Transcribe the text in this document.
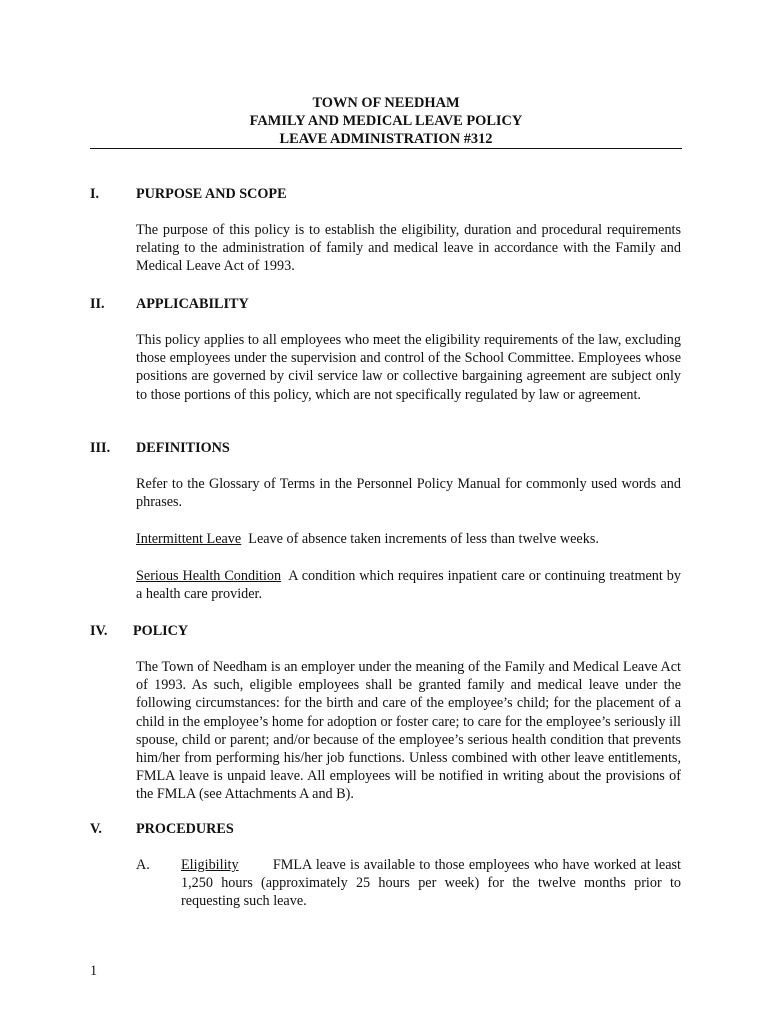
TOWN OF NEEDHAM
FAMILY AND MEDICAL LEAVE POLICY
LEAVE ADMINISTRATION #312
I.	PURPOSE AND SCOPE
The purpose of this policy is to establish the eligibility, duration and procedural requirements relating to the administration of family and medical leave in accordance with the Family and Medical Leave Act of 1993.
II. APPLICABILITY
This policy applies to all employees who meet the eligibility requirements of the law, excluding those employees under the supervision and control of the School Committee. Employees whose positions are governed by civil service law or collective bargaining agreement are subject only to those portions of this policy, which are not specifically regulated by law or agreement.
III. DEFINITIONS
Refer to the Glossary of Terms in the Personnel Policy Manual for commonly used words and phrases.
Intermittent Leave Leave of absence taken increments of less than twelve weeks.
Serious Health Condition A condition which requires inpatient care or continuing treatment by a health care provider.
IV. POLICY
The Town of Needham is an employer under the meaning of the Family and Medical Leave Act of 1993. As such, eligible employees shall be granted family and medical leave under the following circumstances: for the birth and care of the employee’s child; for the placement of a child in the employee’s home for adoption or foster care; to care for the employee’s seriously ill spouse, child or parent; and/or because of the employee’s serious health condition that prevents him/her from performing his/her job functions. Unless combined with other leave entitlements, FMLA leave is unpaid leave. All employees will be notified in writing about the provisions of the FMLA (see Attachments A and B).
V. PROCEDURES
A. Eligibility FMLA leave is available to those employees who have worked at least 1,250 hours (approximately 25 hours per week) for the twelve months prior to requesting such leave.
1
